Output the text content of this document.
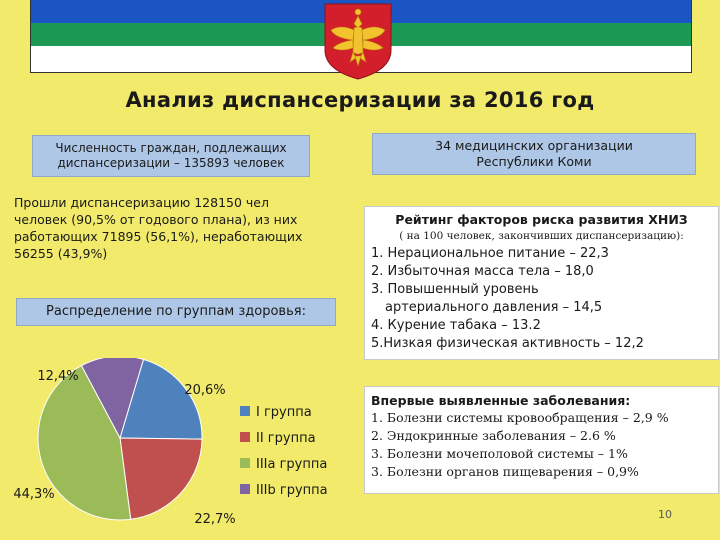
Анализ диспансеризации за 2016 год
Численность граждан, подлежащих
диспансеризации – 135893 человек
34 медицинских организации
Республики Коми
Прошли диспансеризацию 128150 чел
человек (90,5% от годового плана), из них
работающих 71895 (56,1%), неработающих
56255 (43,9%)
Распределение по группам здоровья:
Рейтинг факторов риска развития ХНИЗ
( на 100 человек, закончивших диспансеризацию):
1. Нерациональное питание – 22,3
2. Избыточная масса тела – 18,0
3. Повышенный уровень
артериального давления – 14,5
4. Курение табака – 13.2
5.Низкая физическая активность – 12,2
Впервые выявленные заболевания:
1. Болезни системы кровообращения – 2,9 %
2. Эндокринные заболевания – 2.6 %
3. Болезни мочеполовой системы – 1%
3. Болезни органов пищеварения – 0,9%
20,6%
22,7%
44,3%
12,4%
I группа
II группа
IIIа группа
IIIb группа
10
